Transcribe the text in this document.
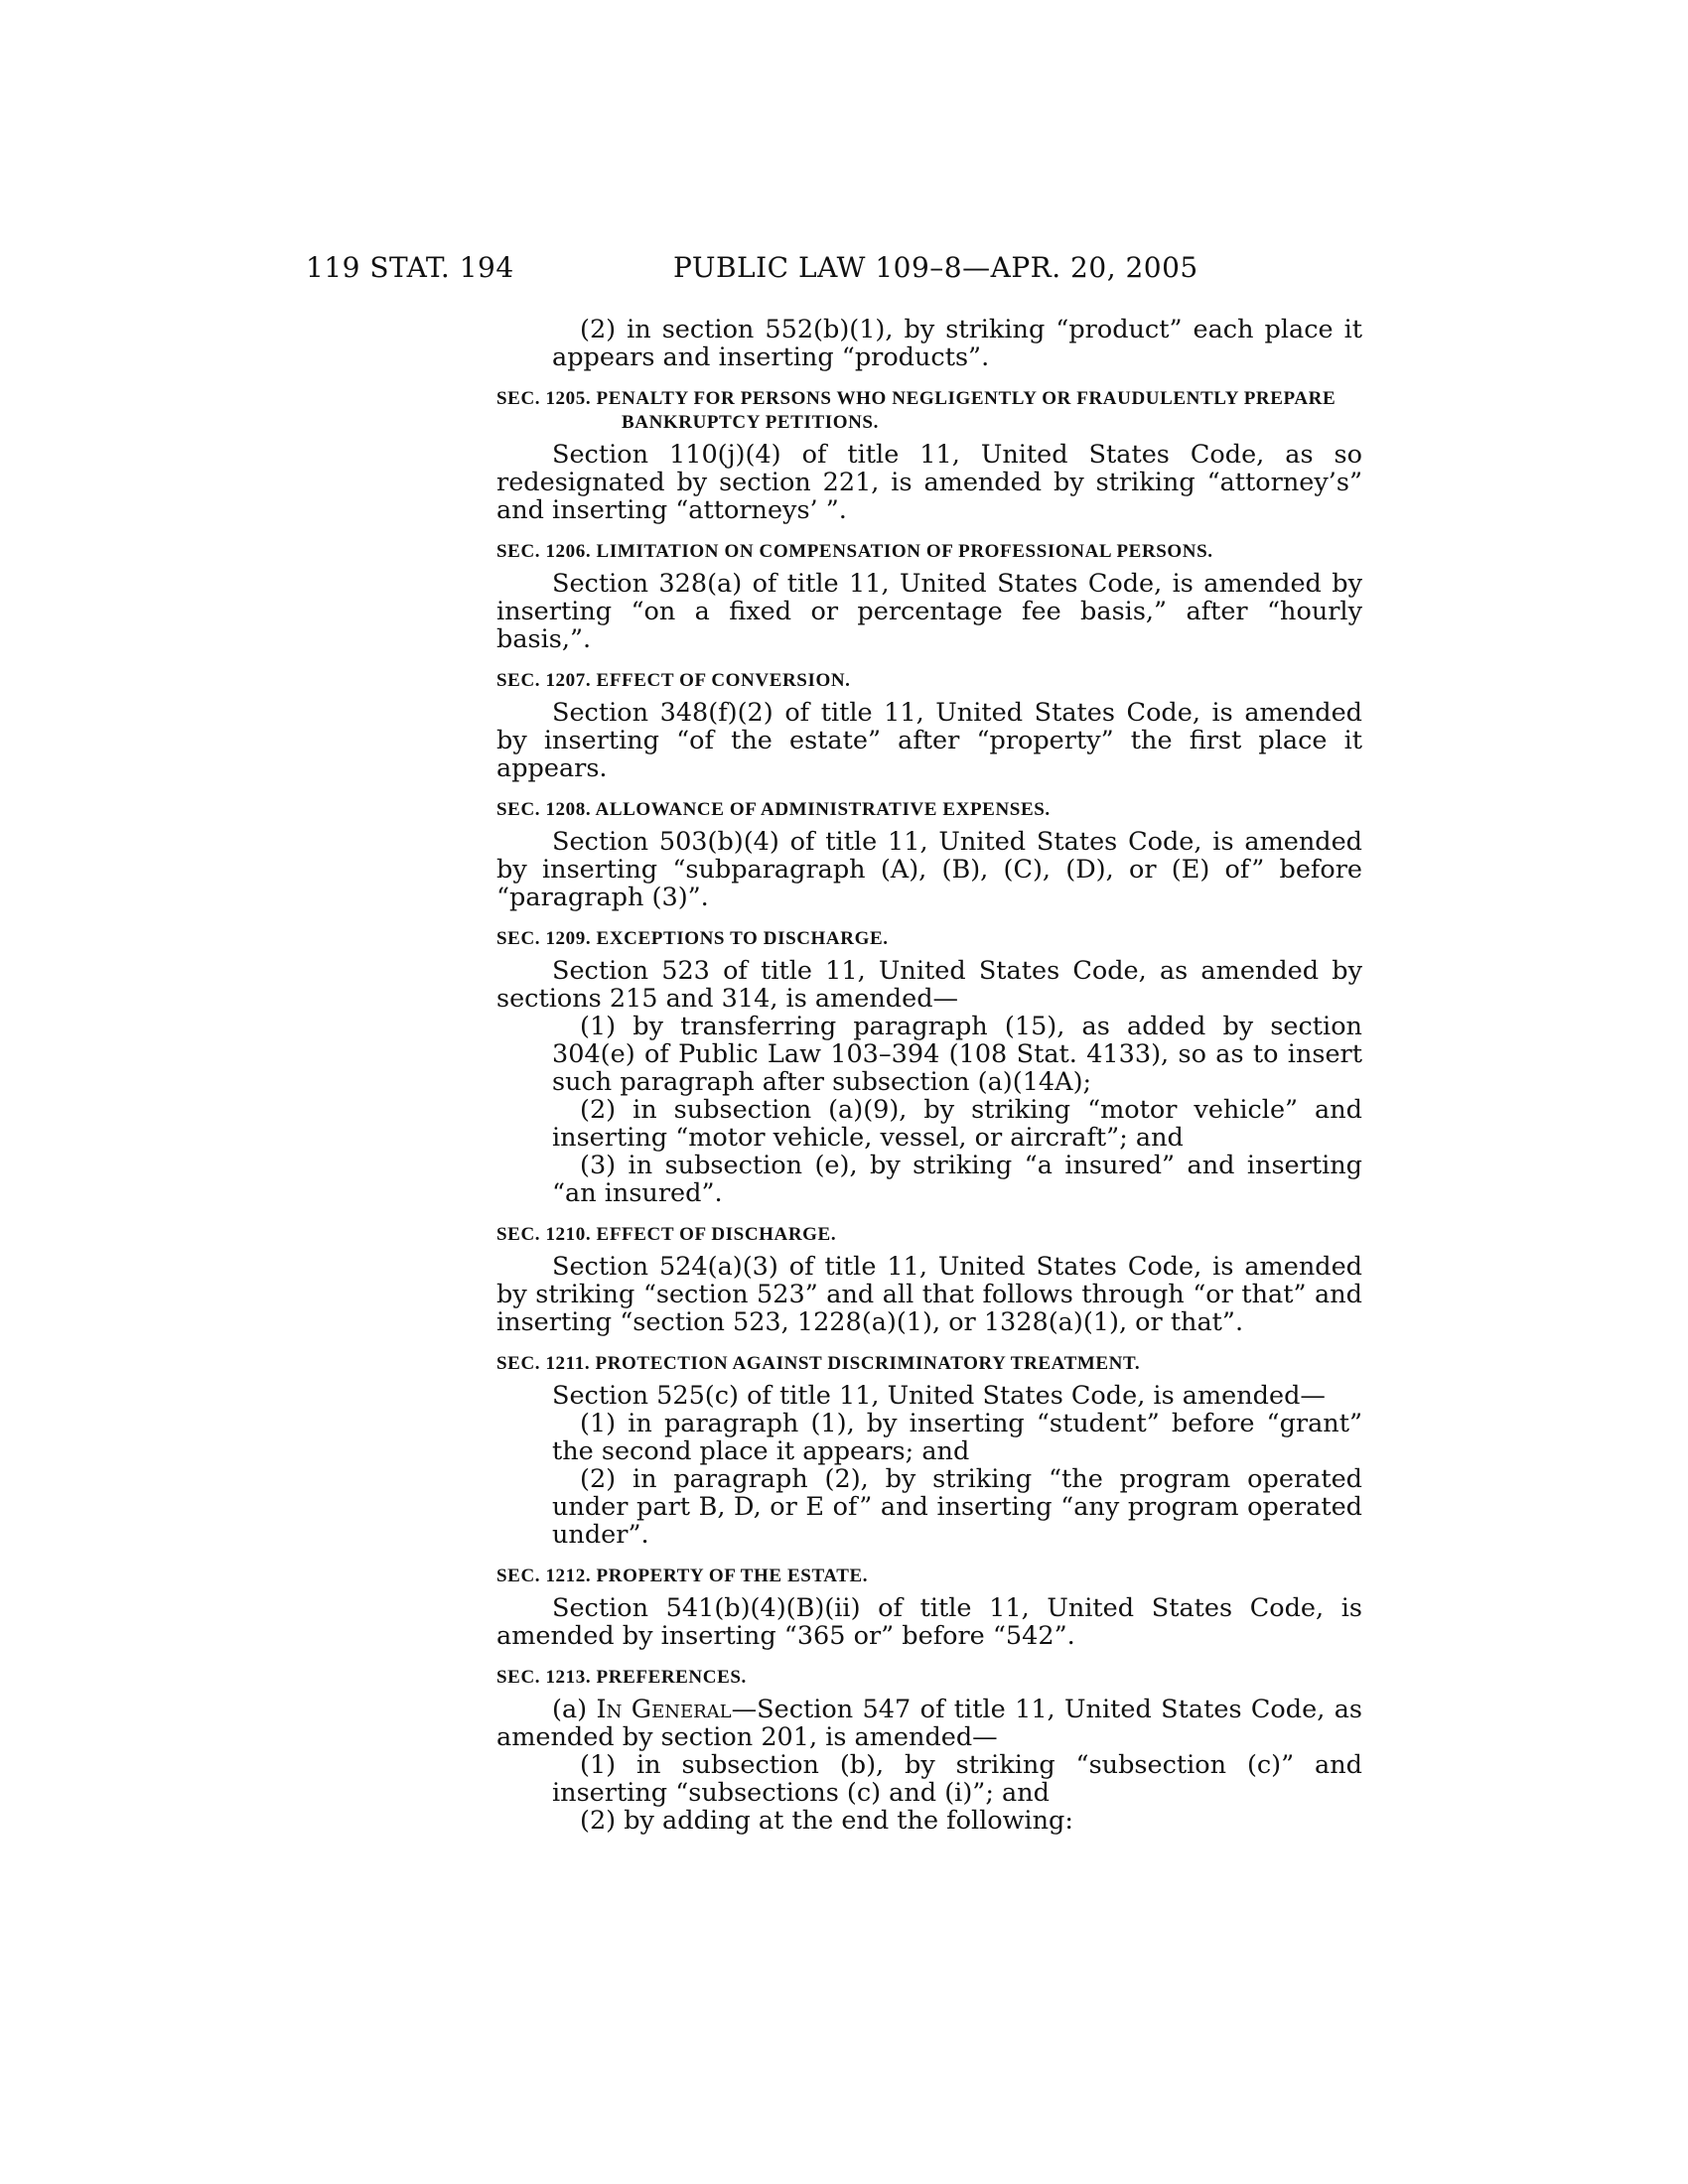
119 STAT. 194	PUBLIC LAW 109–8—APR. 20, 2005

(2) in section 552(b)(1), by striking “product” each place it appears and inserting “products”.

SEC. 1205. PENALTY FOR PERSONS WHO NEGLIGENTLY OR FRAUDULENTLY PREPARE BANKRUPTCY PETITIONS.

Section 110(j)(4) of title 11, United States Code, as so redesignated by section 221, is amended by striking “attorney’s” and inserting “attorneys’ ”.

SEC. 1206. LIMITATION ON COMPENSATION OF PROFESSIONAL PERSONS.

Section 328(a) of title 11, United States Code, is amended by inserting “on a fixed or percentage fee basis,” after “hourly basis,”.

SEC. 1207. EFFECT OF CONVERSION.

Section 348(f)(2) of title 11, United States Code, is amended by inserting “of the estate” after “property” the first place it appears.

SEC. 1208. ALLOWANCE OF ADMINISTRATIVE EXPENSES.

Section 503(b)(4) of title 11, United States Code, is amended by inserting “subparagraph (A), (B), (C), (D), or (E) of” before “paragraph (3)”.

SEC. 1209. EXCEPTIONS TO DISCHARGE.

Section 523 of title 11, United States Code, as amended by sections 215 and 314, is amended—

(1) by transferring paragraph (15), as added by section 304(e) of Public Law 103–394 (108 Stat. 4133), so as to insert such paragraph after subsection (a)(14A);

(2) in subsection (a)(9), by striking “motor vehicle” and inserting “motor vehicle, vessel, or aircraft”; and

(3) in subsection (e), by striking “a insured” and inserting “an insured”.

SEC. 1210. EFFECT OF DISCHARGE.

Section 524(a)(3) of title 11, United States Code, is amended by striking “section 523” and all that follows through “or that” and inserting “section 523, 1228(a)(1), or 1328(a)(1), or that”.

SEC. 1211. PROTECTION AGAINST DISCRIMINATORY TREATMENT.

Section 525(c) of title 11, United States Code, is amended—

(1) in paragraph (1), by inserting “student” before “grant” the second place it appears; and

(2) in paragraph (2), by striking “the program operated under part B, D, or E of” and inserting “any program operated under”.

SEC. 1212. PROPERTY OF THE ESTATE.

Section 541(b)(4)(B)(ii) of title 11, United States Code, is amended by inserting “365 or” before “542”.

SEC. 1213. PREFERENCES.

(a) In General—Section 547 of title 11, United States Code, as amended by section 201, is amended—

(1) in subsection (b), by striking “subsection (c)” and inserting “subsections (c) and (i)”; and

(2) by adding at the end the following:
